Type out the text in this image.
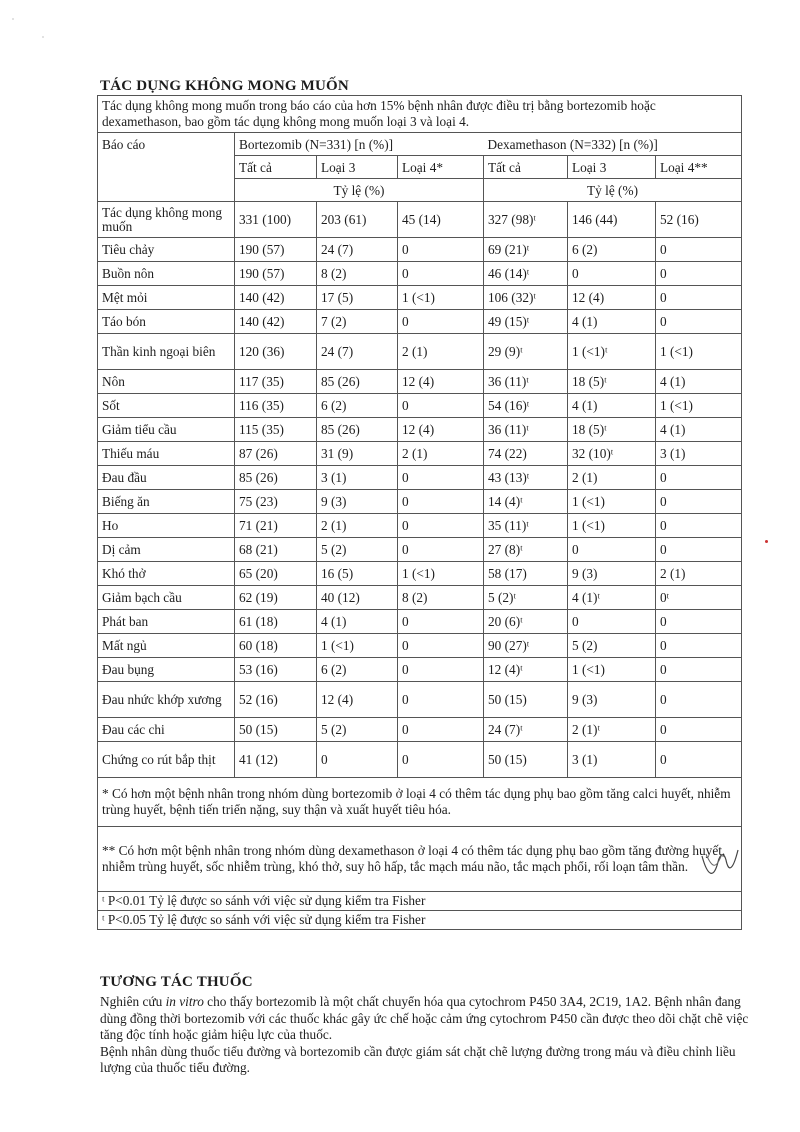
TÁC DỤNG KHÔNG MONG MUỐN
Tác dụng không mong muốn trong báo cáo của hơn 15% bệnh nhân được điều trị bằng bortezomib hoặc dexamethason, bao gồm tác dụng không mong muốn loại 3 và loại 4.						
Báo cáo	Bortezomib (N=331) [n (%)]			Dexamethason (N=332) [n (%)]		
	Tất cả	Loại 3	Loại 4*	Tất cả	Loại 3	Loại 4**
	Tỷ lệ (%)			Tỷ lệ (%)		
Tác dụng không mong muốn	331 (100)	203 (61)	45 (14)	327 (98)ᵗ	146 (44)	52 (16)
Tiêu chảy	190 (57)	24 (7)	0	69 (21)ᵗ	6 (2)	0
Buồn nôn	190 (57)	8 (2)	0	46 (14)ᵗ	0	0
Mệt mỏi	140 (42)	17 (5)	1 (<1)	106 (32)ᵗ	12 (4)	0
Táo bón	140 (42)	7 (2)	0	49 (15)ᵗ	4 (1)	0
Thần kinh ngoại biên	120 (36)	24 (7)	2 (1)	29 (9)ᵗ	1 (<1)ᵗ	1 (<1)
Nôn	117 (35)	85 (26)	12 (4)	36 (11)ᵗ	18 (5)ᵗ	4 (1)
Sốt	116 (35)	6 (2)	0	54 (16)ᵗ	4 (1)	1 (<1)
Giảm tiểu cầu	115 (35)	85 (26)	12 (4)	36 (11)ᵗ	18 (5)ᵗ	4 (1)
Thiếu máu	87 (26)	31 (9)	2 (1)	74 (22)	32 (10)ᵗ	3 (1)
Đau đầu	85 (26)	3 (1)	0	43 (13)ᵗ	2 (1)	0
Biếng ăn	75 (23)	9 (3)	0	14 (4)ᵗ	1 (<1)	0
Ho	71 (21)	2 (1)	0	35 (11)ᵗ	1 (<1)	0
Dị cảm	68 (21)	5 (2)	0	27 (8)ᵗ	0	0
Khó thở	65 (20)	16 (5)	1 (<1)	58 (17)	9 (3)	2 (1)
Giảm bạch cầu	62 (19)	40 (12)	8 (2)	5 (2)ᵗ	4 (1)ᵗ	0ᵗ
Phát ban	61 (18)	4 (1)	0	20 (6)ᵗ	0	0
Mất ngủ	60 (18)	1 (<1)	0	90 (27)ᵗ	5 (2)	0
Đau bụng	53 (16)	6 (2)	0	12 (4)ᵗ	1 (<1)	0
Đau nhức khớp xương	52 (16)	12 (4)	0	50 (15)	9 (3)	0
Đau các chi	50 (15)	5 (2)	0	24 (7)ᵗ	2 (1)ᵗ	0
Chứng co rút bắp thịt	41 (12)	0	0	50 (15)	3 (1)	0
* Có hơn một bệnh nhân trong nhóm dùng bortezomib ở loại 4 có thêm tác dụng phụ bao gồm tăng calci huyết, nhiễm trùng huyết, bệnh tiến triển nặng, suy thận và xuất huyết tiêu hóa.						
** Có hơn một bệnh nhân trong nhóm dùng dexamethason ở loại 4 có thêm tác dụng phụ bao gồm tăng đường huyết, nhiễm trùng huyết, sốc nhiễm trùng, khó thở, suy hô hấp, tắc mạch máu não, tắc mạch phổi, rối loạn tâm thần.						
ᵗ P<0.01 Tỷ lệ được so sánh với việc sử dụng kiểm tra Fisher						
ᵗ P<0.05 Tỷ lệ được so sánh với việc sử dụng kiểm tra Fisher						
TƯƠNG TÁC THUỐC

Nghiên cứu in vitro cho thấy bortezomib là một chất chuyển hóa qua cytochrom P450 3A4, 2C19, 1A2. Bệnh nhân đang dùng đồng thời bortezomib với các thuốc khác gây ức chế hoặc cảm ứng cytochrom P450 cần được theo dõi chặt chẽ việc tăng độc tính hoặc giảm hiệu lực của thuốc.

Bệnh nhân dùng thuốc tiểu đường và bortezomib cần được giám sát chặt chẽ lượng đường trong máu và điều chỉnh liều lượng của thuốc tiểu đường.
